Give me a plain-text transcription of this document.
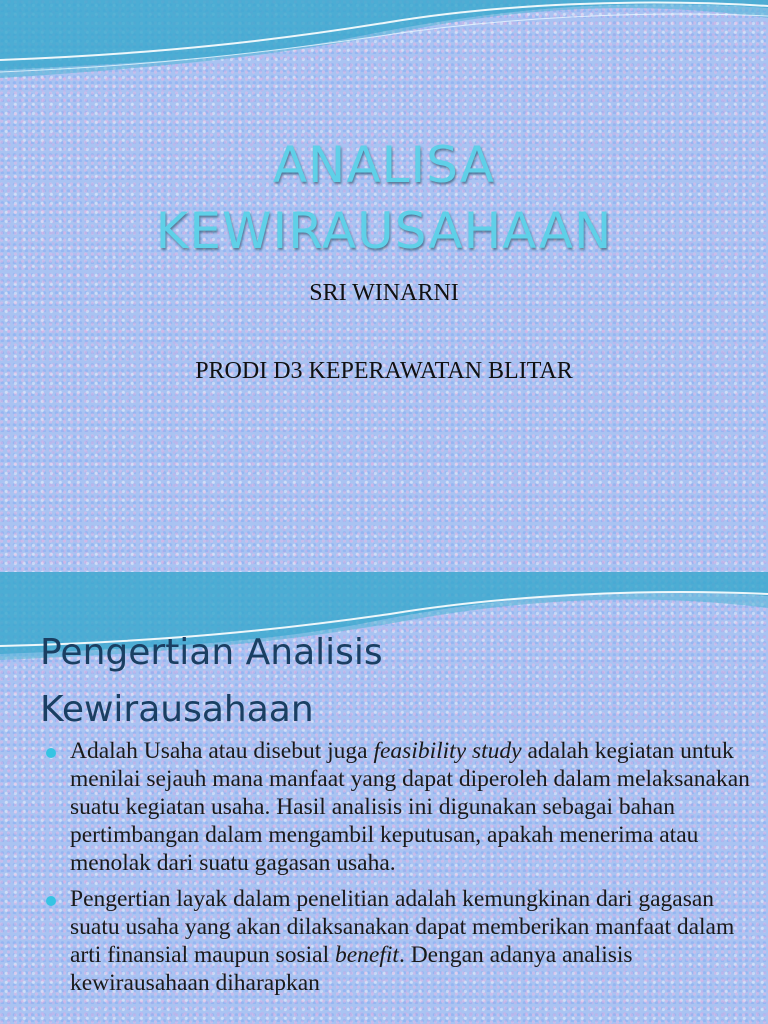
ANALISA
KEWIRAUSAHAAN

SRI WINARNI

PRODI D3 KEPERAWATAN BLITAR

Pengertian Analisis
Kewirausahaan
Adalah Usaha atau disebut juga feasibility study adalah kegiatan untuk menilai sejauh mana manfaat yang dapat diperoleh dalam melaksanakan suatu kegiatan usaha. Hasil analisis ini digunakan sebagai bahan pertimbangan dalam mengambil keputusan, apakah menerima atau menolak dari suatu gagasan usaha.
Pengertian layak dalam penelitian adalah kemungkinan dari gagasan suatu usaha yang akan dilaksanakan dapat memberikan manfaat dalam arti finansial maupun sosial benefit. Dengan adanya analisis kewirausahaan diharapkan
